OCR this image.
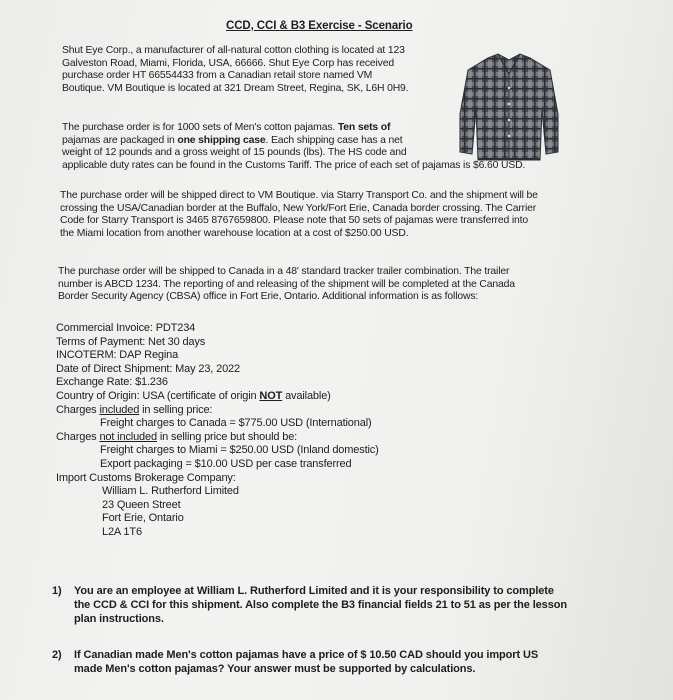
CCD, CCI & B3 Exercise - Scenario
Shut Eye Corp., a manufacturer of all-natural cotton clothing is located at 123
Galveston Road, Miami, Florida, USA, 66666. Shut Eye Corp has received
purchase order HT 66554433 from a Canadian retail store named VM
Boutique. VM Boutique is located at 321 Dream Street, Regina, SK, L6H 0H9.
The purchase order is for 1000 sets of Men's cotton pajamas. Ten sets of
pajamas are packaged in one shipping case. Each shipping case has a net
weight of 12 pounds and a gross weight of 15 pounds (lbs). The HS code and
applicable duty rates can be found in the Customs Tariff. The price of each set of pajamas is $6.60 USD.
The purchase order will be shipped direct to VM Boutique. via Starry Transport Co. and the shipment will be
crossing the USA/Canadian border at the Buffalo, New York/Fort Erie, Canada border crossing. The Carrier
Code for Starry Transport is 3465 8767659800. Please note that 50 sets of pajamas were transferred into
the Miami location from another warehouse location at a cost of $250.00 USD.
The purchase order will be shipped to Canada in a 48' standard tracker trailer combination. The trailer
number is ABCD 1234. The reporting of and releasing of the shipment will be completed at the Canada
Border Security Agency (CBSA) office in Fort Erie, Ontario. Additional information is as follows:
Commercial Invoice: PDT234
Terms of Payment: Net 30 days
INCOTERM: DAP Regina
Date of Direct Shipment: May 23, 2022
Exchange Rate: $1.236
Country of Origin: USA (certificate of origin NOT available)
Charges included in selling price:
Freight charges to Canada = $775.00 USD (International)
Charges not included in selling price but should be:
Freight charges to Miami = $250.00 USD (Inland domestic)
Export packaging = $10.00 USD per case transferred
Import Customs Brokerage Company:
William L. Rutherford Limited
23 Queen Street
Fort Erie, Ontario
L2A 1T6
1) You are an employee at William L. Rutherford Limited and it is your responsibility to complete
the CCD & CCI for this shipment. Also complete the B3 financial fields 21 to 51 as per the lesson
plan instructions.
2) If Canadian made Men's cotton pajamas have a price of $ 10.50 CAD should you import US
made Men's cotton pajamas? Your answer must be supported by calculations.
